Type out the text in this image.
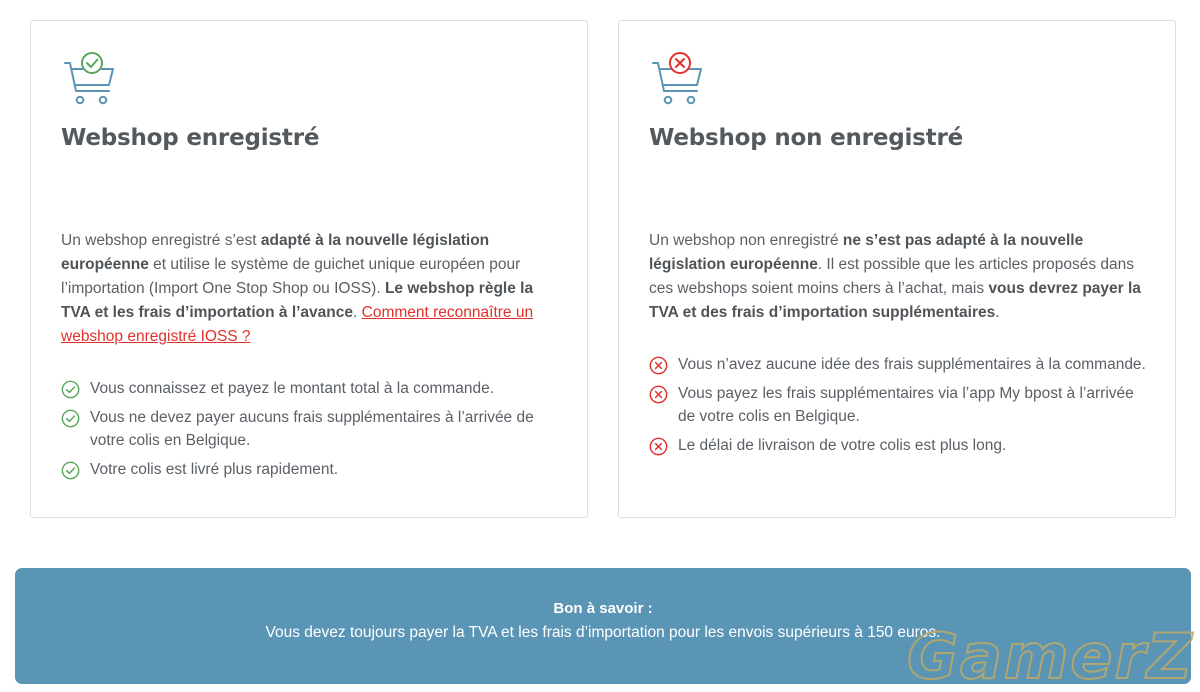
Webshop enregistré

Un webshop enregistré s’est adapté à la nouvelle législation européenne et utilise le système de guichet unique européen pour l’importation (Import One Stop Shop ou IOSS). Le webshop règle la TVA et les frais d’importation à l’avance. Comment reconnaître un webshop enregistré IOSS ?

Vous connaissez et payez le montant total à la commande.
Vous ne devez payer aucuns frais supplémentaires à l’arrivée de votre colis en Belgique.
Votre colis est livré plus rapidement.
Webshop non enregistré

Un webshop non enregistré ne s’est pas adapté à la nouvelle législation européenne. Il est possible que les articles proposés dans ces webshops soient moins chers à l’achat, mais vous devrez payer la TVA et des frais d’importation supplémentaires.

Vous n’avez aucune idée des frais supplémentaires à la commande.
Vous payez les frais supplémentaires via l’app My bpost à l’arrivée de votre colis en Belgique.
Le délai de livraison de votre colis est plus long.
Bon à savoir :
Vous devez toujours payer la TVA et les frais d’importation pour les envois supérieurs à 150 euros.
GamerZ
